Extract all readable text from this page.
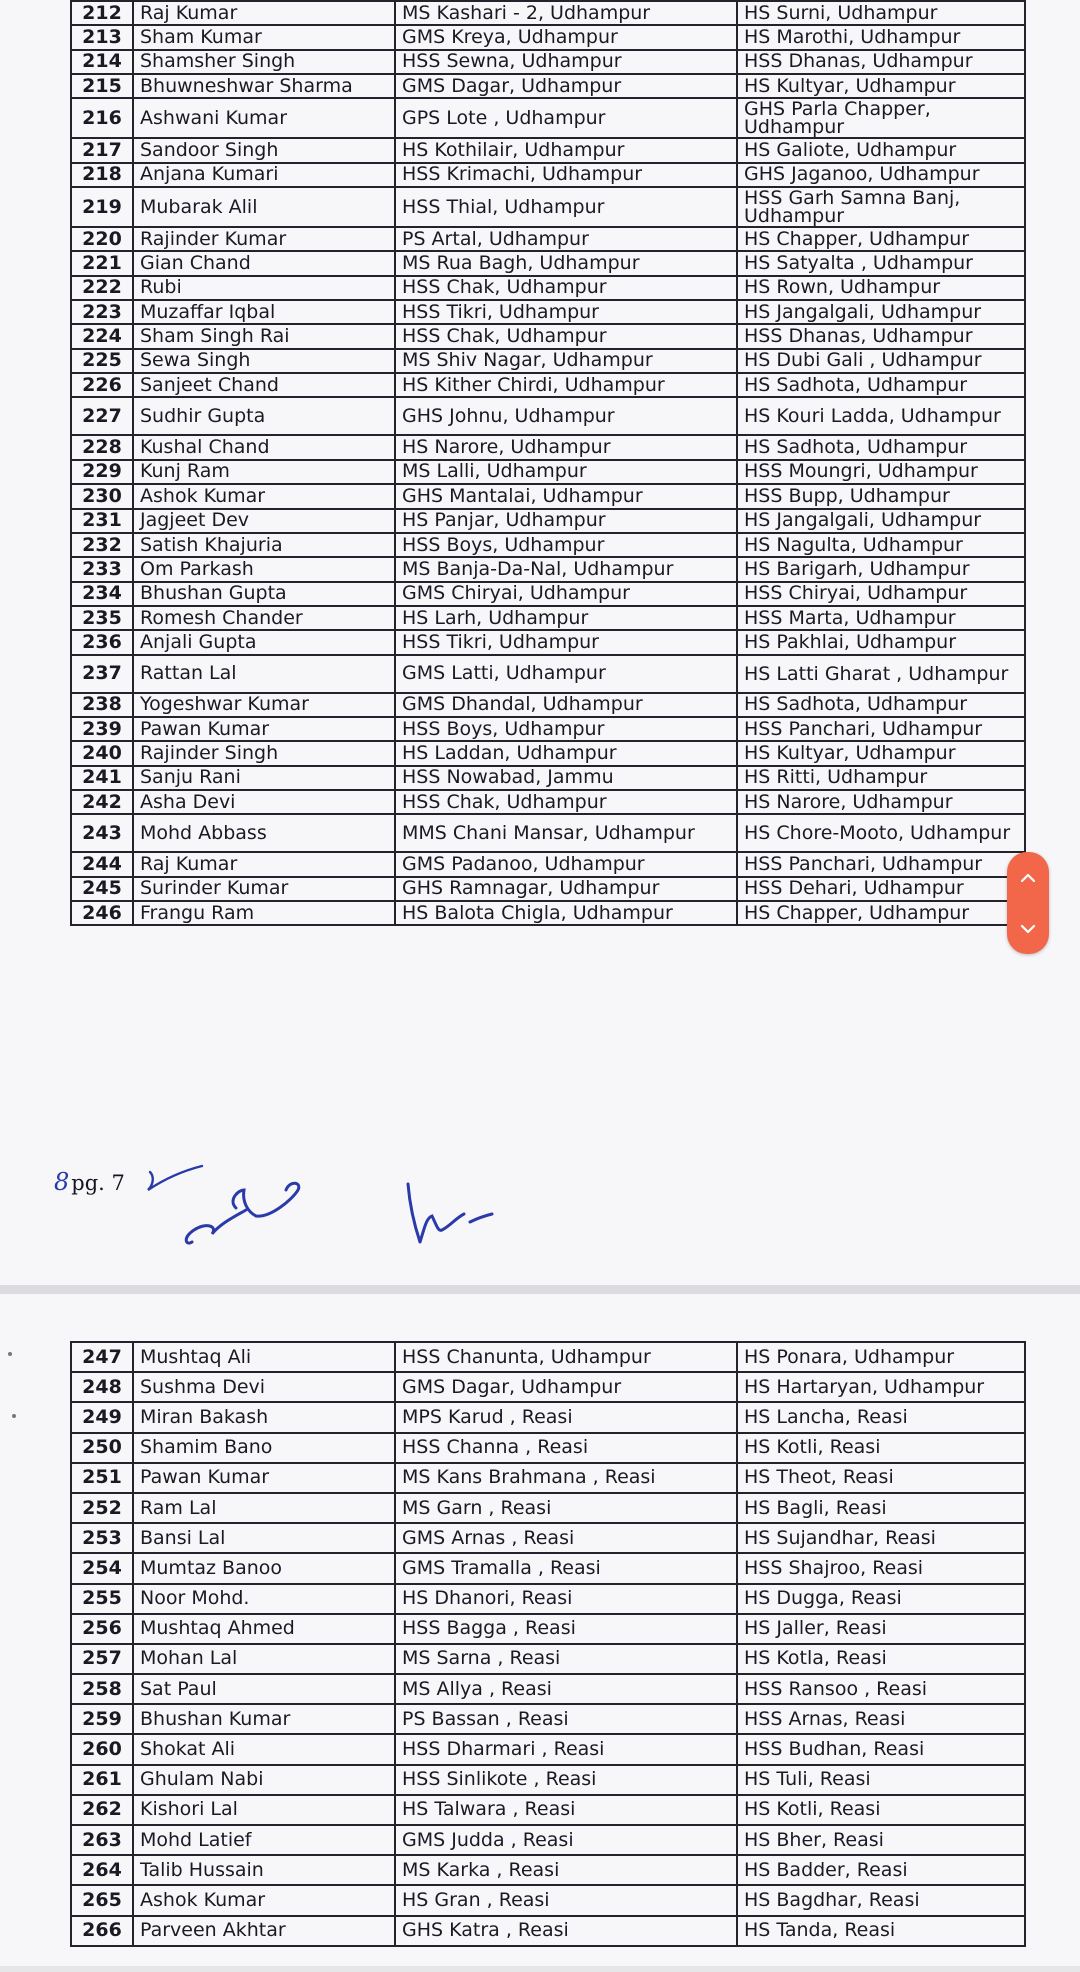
212	Raj Kumar	MS Kashari - 2, Udhampur	HS Surni, Udhampur
213	Sham Kumar	GMS Kreya, Udhampur	HS Marothi, Udhampur
214	Shamsher Singh	HSS Sewna, Udhampur	HSS Dhanas, Udhampur
215	Bhuwneshwar Sharma	GMS Dagar, Udhampur	HS Kultyar, Udhampur
216	Ashwani Kumar	GPS Lote , Udhampur	GHS Parla Chapper, Udhampur
217	Sandoor Singh	HS Kothilair, Udhampur	HS Galiote, Udhampur
218	Anjana Kumari	HSS Krimachi, Udhampur	GHS Jaganoo, Udhampur
219	Mubarak Alil	HSS Thial, Udhampur	HSS Garh Samna Banj, Udhampur
220	Rajinder Kumar	PS Artal, Udhampur	HS Chapper, Udhampur
221	Gian Chand	MS Rua Bagh, Udhampur	HS Satyalta , Udhampur
222	Rubi	HSS Chak, Udhampur	HS Rown, Udhampur
223	Muzaffar Iqbal	HSS Tikri, Udhampur	HS Jangalgali, Udhampur
224	Sham Singh Rai	HSS Chak, Udhampur	HSS Dhanas, Udhampur
225	Sewa Singh	MS Shiv Nagar, Udhampur	HS Dubi Gali , Udhampur
226	Sanjeet Chand	HS Kither Chirdi, Udhampur	HS Sadhota, Udhampur
227	Sudhir Gupta	GHS Johnu, Udhampur	HS Kouri Ladda, Udhampur
228	Kushal Chand	HS Narore, Udhampur	HS Sadhota, Udhampur
229	Kunj Ram	MS Lalli, Udhampur	HSS Moungri, Udhampur
230	Ashok Kumar	GHS Mantalai, Udhampur	HSS Bupp, Udhampur
231	Jagjeet Dev	HS Panjar, Udhampur	HS Jangalgali, Udhampur
232	Satish Khajuria	HSS Boys, Udhampur	HS Nagulta, Udhampur
233	Om Parkash	MS Banja-Da-Nal, Udhampur	HS Barigarh, Udhampur
234	Bhushan Gupta	GMS Chiryai, Udhampur	HSS Chiryai, Udhampur
235	Romesh Chander	HS Larh, Udhampur	HSS Marta, Udhampur
236	Anjali Gupta	HSS Tikri, Udhampur	HS Pakhlai, Udhampur
237	Rattan Lal	GMS Latti, Udhampur	HS Latti Gharat , Udhampur
238	Yogeshwar Kumar	GMS Dhandal, Udhampur	HS Sadhota, Udhampur
239	Pawan Kumar	HSS Boys, Udhampur	HSS Panchari, Udhampur
240	Rajinder Singh	HS Laddan, Udhampur	HS Kultyar, Udhampur
241	Sanju Rani	HSS Nowabad, Jammu	HS Ritti, Udhampur
242	Asha Devi	HSS Chak, Udhampur	HS Narore, Udhampur
243	Mohd Abbass	MMS Chani Mansar, Udhampur	HS Chore-Mooto, Udhampur
244	Raj Kumar	GMS Padanoo, Udhampur	HSS Panchari, Udhampur
245	Surinder Kumar	GHS Ramnagar, Udhampur	HSS Dehari, Udhampur
246	Frangu Ram	HS Balota Chigla, Udhampur	HS Chapper, Udhampur
8pg. 7
247	Mushtaq Ali	HSS Chanunta, Udhampur	HS Ponara, Udhampur
248	Sushma Devi	GMS Dagar, Udhampur	HS Hartaryan, Udhampur
249	Miran Bakash	MPS Karud , Reasi	HS Lancha, Reasi
250	Shamim Bano	HSS Channa , Reasi	HS Kotli, Reasi
251	Pawan Kumar	MS Kans Brahmana , Reasi	HS Theot, Reasi
252	Ram Lal	MS Garn , Reasi	HS Bagli, Reasi
253	Bansi Lal	GMS Arnas , Reasi	HS Sujandhar, Reasi
254	Mumtaz Banoo	GMS Tramalla , Reasi	HSS Shajroo, Reasi
255	Noor Mohd.	HS Dhanori, Reasi	HS Dugga, Reasi
256	Mushtaq Ahmed	HSS Bagga , Reasi	HS Jaller, Reasi
257	Mohan Lal	MS Sarna , Reasi	HS Kotla, Reasi
258	Sat Paul	MS Allya , Reasi	HSS Ransoo , Reasi
259	Bhushan Kumar	PS Bassan , Reasi	HSS Arnas, Reasi
260	Shokat Ali	HSS Dharmari , Reasi	HSS Budhan, Reasi
261	Ghulam Nabi	HSS Sinlikote , Reasi	HS Tuli, Reasi
262	Kishori Lal	HS Talwara , Reasi	HS Kotli, Reasi
263	Mohd Latief	GMS Judda , Reasi	HS Bher, Reasi
264	Talib Hussain	MS Karka , Reasi	HS Badder, Reasi
265	Ashok Kumar	HS Gran , Reasi	HS Bagdhar, Reasi
266	Parveen Akhtar	GHS Katra , Reasi	HS Tanda, Reasi
